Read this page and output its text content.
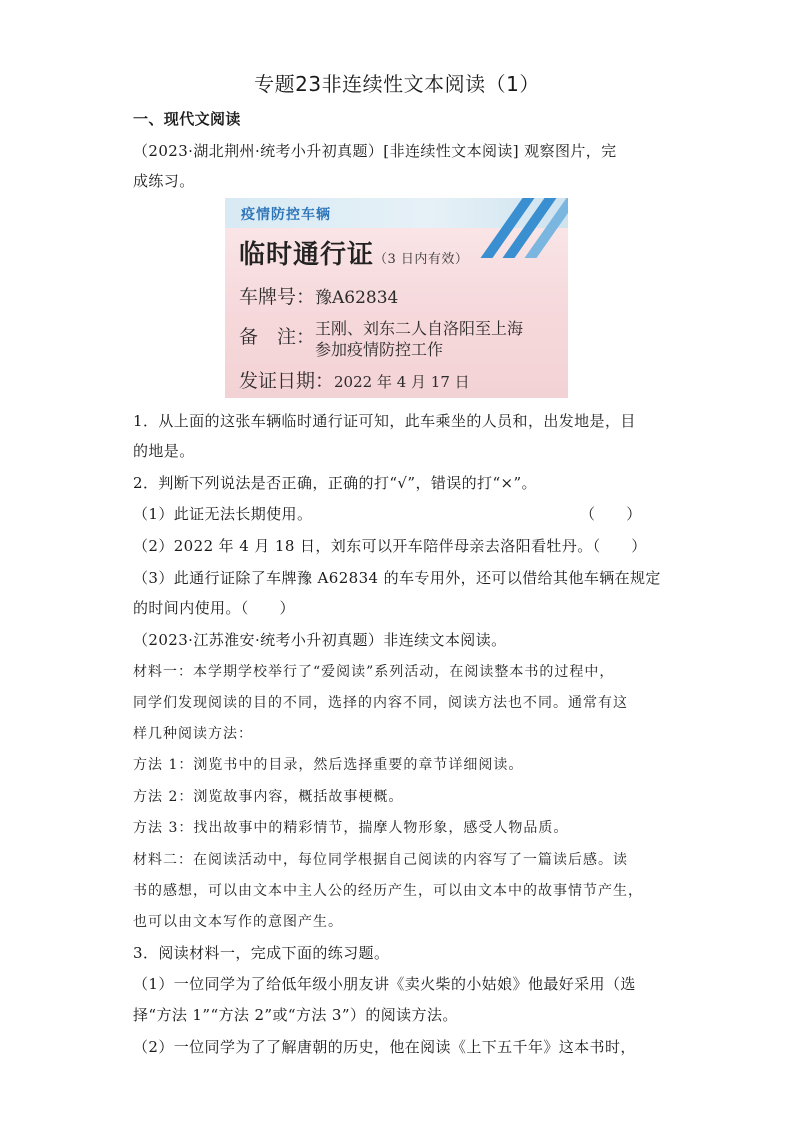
专题23非连续性文本阅读（1）
一、现代文阅读
（2023·湖北荆州·统考小升初真题）[非连续性文本阅读] 观察图片，完
成练习。
疫情防控车辆
临时通行证（3 日内有效）
车牌号：豫A62834
备　注：王刚、刘东二人自洛阳至上海
参加疫情防控工作
发证日期：2022 年 4 月 17 日
1．从上面的这张车辆临时通行证可知，此车乘坐的人员和，出发地是，目
的地是。
2．判断下列说法是否正确，正确的打“√”，错误的打“×”。
（1）此证无法长期使用。	（　　）
（2）2022 年 4 月 18 日，刘东可以开车陪伴母亲去洛阳看牡丹。（　　）
（3）此通行证除了车牌豫 A62834 的车专用外，还可以借给其他车辆在规定
的时间内使用。（　　）
（2023·江苏淮安·统考小升初真题）非连续文本阅读。
材料一：本学期学校举行了“爱阅读”系列活动，在阅读整本书的过程中，
同学们发现阅读的目的不同，选择的内容不同，阅读方法也不同。通常有这
样几种阅读方法：
方法 1：浏览书中的目录，然后选择重要的章节详细阅读。
方法 2：浏览故事内容，概括故事梗概。
方法 3：找出故事中的精彩情节，揣摩人物形象，感受人物品质。
材料二：在阅读活动中，每位同学根据自己阅读的内容写了一篇读后感。读
书的感想，可以由文本中主人公的经历产生，可以由文本中的故事情节产生，
也可以由文本写作的意图产生。
3．阅读材料一，完成下面的练习题。
（1）一位同学为了给低年级小朋友讲《卖火柴的小姑娘》他最好采用（选
择“方法 1”“方法 2”或“方法 3”）的阅读方法。
（2）一位同学为了了解唐朝的历史，他在阅读《上下五千年》这本书时，
